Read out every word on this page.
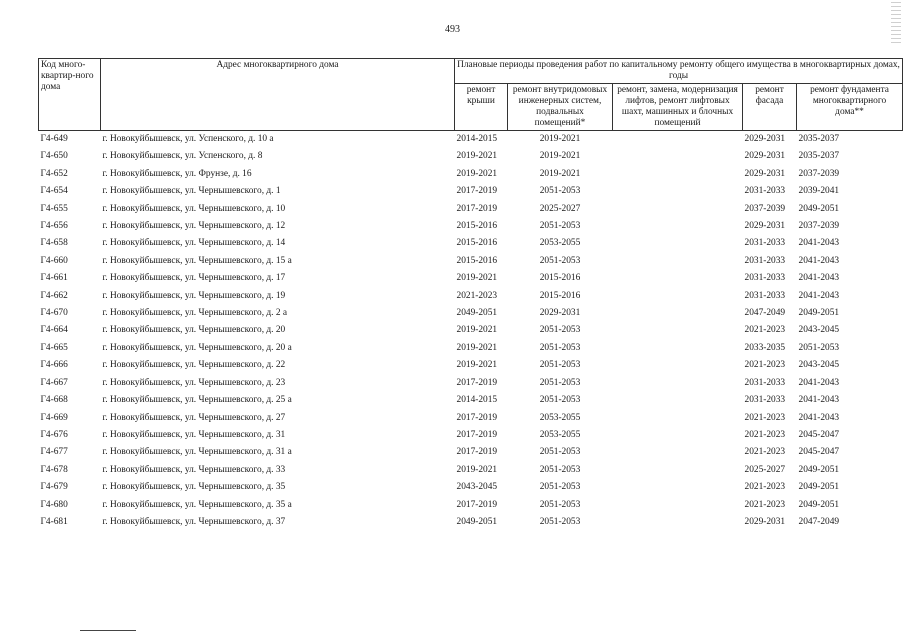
493
Код много-квартир-ного дома	Адрес многоквартирного дома	Плановые периоды проведения работ по капитальному ремонту общего имущества в многоквартирных домах, годы				
		ремонт крыши	ремонт внутридомовых инженерных систем, подвальных помещений*	ремонт, замена, модернизация лифтов, ремонт лифтовых шахт, машинных и блочных помещений	ремонт фасада	ремонт фундамента многоквартирного дома**
Г4-649	г. Новокуйбышевск, ул. Успенского, д. 10 а	2014-2015	2019-2021		2029-2031	2035-2037
Г4-650	г. Новокуйбышевск, ул. Успенского, д. 8	2019-2021	2019-2021		2029-2031	2035-2037
Г4-652	г. Новокуйбышевск, ул. Фрунзе, д. 16	2019-2021	2019-2021		2029-2031	2037-2039
Г4-654	г. Новокуйбышевск, ул. Чернышевского, д. 1	2017-2019	2051-2053		2031-2033	2039-2041
Г4-655	г. Новокуйбышевск, ул. Чернышевского, д. 10	2017-2019	2025-2027		2037-2039	2049-2051
Г4-656	г. Новокуйбышевск, ул. Чернышевского, д. 12	2015-2016	2051-2053		2029-2031	2037-2039
Г4-658	г. Новокуйбышевск, ул. Чернышевского, д. 14	2015-2016	2053-2055		2031-2033	2041-2043
Г4-660	г. Новокуйбышевск, ул. Чернышевского, д. 15 а	2015-2016	2051-2053		2031-2033	2041-2043
Г4-661	г. Новокуйбышевск, ул. Чернышевского, д. 17	2019-2021	2015-2016		2031-2033	2041-2043
Г4-662	г. Новокуйбышевск, ул. Чернышевского, д. 19	2021-2023	2015-2016		2031-2033	2041-2043
Г4-670	г. Новокуйбышевск, ул. Чернышевского, д. 2 а	2049-2051	2029-2031		2047-2049	2049-2051
Г4-664	г. Новокуйбышевск, ул. Чернышевского, д. 20	2019-2021	2051-2053		2021-2023	2043-2045
Г4-665	г. Новокуйбышевск, ул. Чернышевского, д. 20 а	2019-2021	2051-2053		2033-2035	2051-2053
Г4-666	г. Новокуйбышевск, ул. Чернышевского, д. 22	2019-2021	2051-2053		2021-2023	2043-2045
Г4-667	г. Новокуйбышевск, ул. Чернышевского, д. 23	2017-2019	2051-2053		2031-2033	2041-2043
Г4-668	г. Новокуйбышевск, ул. Чернышевского, д. 25 а	2014-2015	2051-2053		2031-2033	2041-2043
Г4-669	г. Новокуйбышевск, ул. Чернышевского, д. 27	2017-2019	2053-2055		2021-2023	2041-2043
Г4-676	г. Новокуйбышевск, ул. Чернышевского, д. 31	2017-2019	2053-2055		2021-2023	2045-2047
Г4-677	г. Новокуйбышевск, ул. Чернышевского, д. 31 а	2017-2019	2051-2053		2021-2023	2045-2047
Г4-678	г. Новокуйбышевск, ул. Чернышевского, д. 33	2019-2021	2051-2053		2025-2027	2049-2051
Г4-679	г. Новокуйбышевск, ул. Чернышевского, д. 35	2043-2045	2051-2053		2021-2023	2049-2051
Г4-680	г. Новокуйбышевск, ул. Чернышевского, д. 35 а	2017-2019	2051-2053		2021-2023	2049-2051
Г4-681	г. Новокуйбышевск, ул. Чернышевского, д. 37	2049-2051	2051-2053		2029-2031	2047-2049
